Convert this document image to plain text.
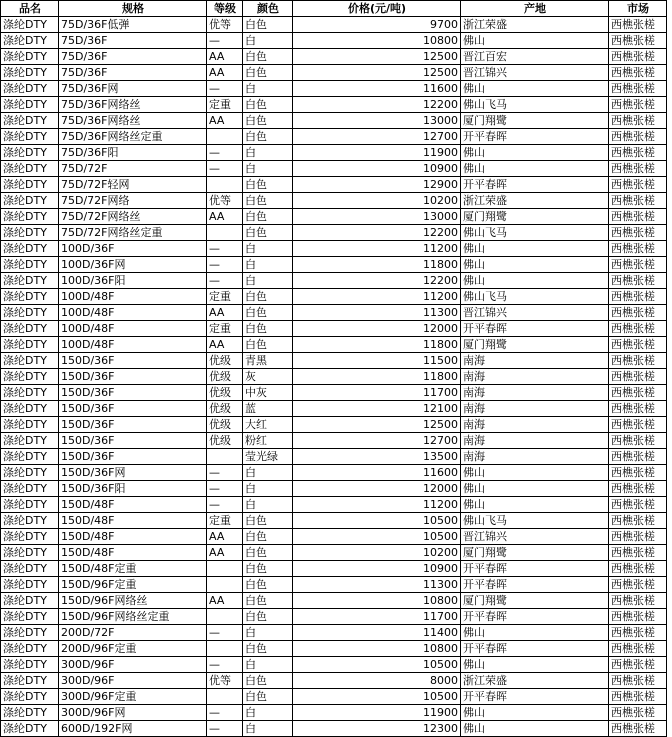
品名	规格	等级	颜色	价格(元/吨)	产地	市场
涤纶DTY	75D/36F低弹	优等	白色	9700	浙江荣盛	西樵张槎
涤纶DTY	75D/36F	—	白	10800	佛山	西樵张槎
涤纶DTY	75D/36F	AA	白色	12500	晋江百宏	西樵张槎
涤纶DTY	75D/36F	AA	白色	12500	晋江锦兴	西樵张槎
涤纶DTY	75D/36F网	—	白	11600	佛山	西樵张槎
涤纶DTY	75D/36F网络丝	定重	白色	12200	佛山飞马	西樵张槎
涤纶DTY	75D/36F网络丝	AA	白色	13000	厦门翔鹭	西樵张槎
涤纶DTY	75D/36F网络丝定重		白色	12700	开平春晖	西樵张槎
涤纶DTY	75D/36F阳	—	白	11900	佛山	西樵张槎
涤纶DTY	75D/72F	—	白	10900	佛山	西樵张槎
涤纶DTY	75D/72F轻网		白色	12900	开平春晖	西樵张槎
涤纶DTY	75D/72F网络	优等	白色	10200	浙江荣盛	西樵张槎
涤纶DTY	75D/72F网络丝	AA	白色	13000	厦门翔鹭	西樵张槎
涤纶DTY	75D/72F网络丝定重		白色	12200	佛山飞马	西樵张槎
涤纶DTY	100D/36F	—	白	11200	佛山	西樵张槎
涤纶DTY	100D/36F网	—	白	11800	佛山	西樵张槎
涤纶DTY	100D/36F阳	—	白	12200	佛山	西樵张槎
涤纶DTY	100D/48F	定重	白色	11200	佛山飞马	西樵张槎
涤纶DTY	100D/48F	AA	白色	11300	晋江锦兴	西樵张槎
涤纶DTY	100D/48F	定重	白色	12000	开平春晖	西樵张槎
涤纶DTY	100D/48F	AA	白色	11800	厦门翔鹭	西樵张槎
涤纶DTY	150D/36F	优级	青黑	11500	南海	西樵张槎
涤纶DTY	150D/36F	优级	灰	11800	南海	西樵张槎
涤纶DTY	150D/36F	优级	中灰	11700	南海	西樵张槎
涤纶DTY	150D/36F	优级	蓝	12100	南海	西樵张槎
涤纶DTY	150D/36F	优级	大红	12500	南海	西樵张槎
涤纶DTY	150D/36F	优级	粉红	12700	南海	西樵张槎
涤纶DTY	150D/36F		莹光绿	13500	南海	西樵张槎
涤纶DTY	150D/36F网	—	白	11600	佛山	西樵张槎
涤纶DTY	150D/36F阳	—	白	12000	佛山	西樵张槎
涤纶DTY	150D/48F	—	白	11200	佛山	西樵张槎
涤纶DTY	150D/48F	定重	白色	10500	佛山飞马	西樵张槎
涤纶DTY	150D/48F	AA	白色	10500	晋江锦兴	西樵张槎
涤纶DTY	150D/48F	AA	白色	10200	厦门翔鹭	西樵张槎
涤纶DTY	150D/48F定重		白色	10900	开平春晖	西樵张槎
涤纶DTY	150D/96F定重		白色	11300	开平春晖	西樵张槎
涤纶DTY	150D/96F网络丝	AA	白色	10800	厦门翔鹭	西樵张槎
涤纶DTY	150D/96F网络丝定重		白色	11700	开平春晖	西樵张槎
涤纶DTY	200D/72F	—	白	11400	佛山	西樵张槎
涤纶DTY	200D/96F定重		白色	10800	开平春晖	西樵张槎
涤纶DTY	300D/96F	—	白	10500	佛山	西樵张槎
涤纶DTY	300D/96F	优等	白色	8000	浙江荣盛	西樵张槎
涤纶DTY	300D/96F定重		白色	10500	开平春晖	西樵张槎
涤纶DTY	300D/96F网	—	白	11900	佛山	西樵张槎
涤纶DTY	600D/192F网	—	白	12300	佛山	西樵张槎
